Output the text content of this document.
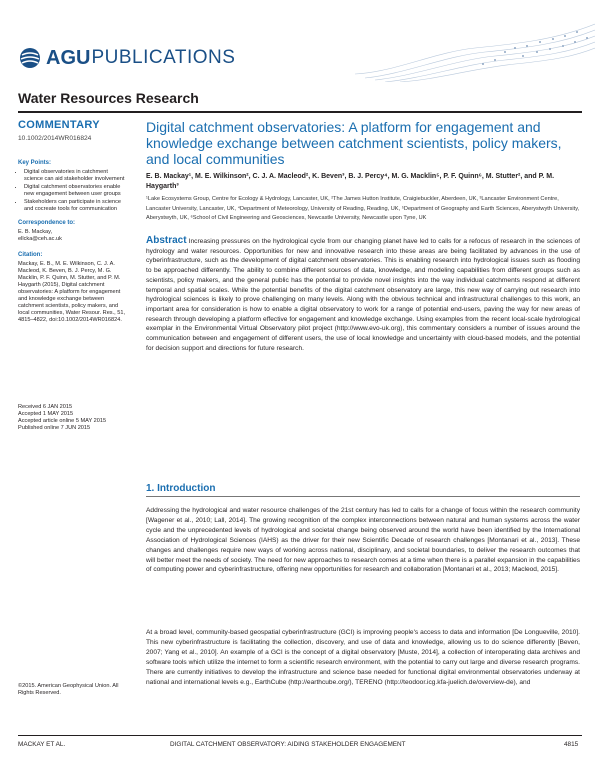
AGU PUBLICATIONS
Water Resources Research
COMMENTARY
10.1002/2014WR016824
Key Points:
• Digital observatories in catchment science can aid stakeholder involvement
• Digital catchment observatories enable new engagement between user groups
• Stakeholders can participate in science and cocreate tools for communication
Correspondence to:
E. B. Mackay,
ellcka@ceh.ac.uk
Citation:
Mackay, E. B., M. E. Wilkinson, C. J. A. Macleod, K. Beven, B. J. Percy, M. G. Macklin, P. F. Quinn, M. Stutter, and P. M. Haygarth (2015), Digital catchment observatories: A platform for engagement and knowledge exchange between catchment scientists, policy makers, and local communities, Water Resour. Res., 51, 4815–4822, doi:10.1002/2014WR016824.
Received 6 JAN 2015
Accepted 1 MAY 2015
Accepted article online 5 MAY 2015
Published online 7 JUN 2015
©2015. American Geophysical Union. All Rights Reserved.
Digital catchment observatories: A platform for engagement and knowledge exchange between catchment scientists, policy makers, and local communities
E. B. Mackay¹, M. E. Wilkinson², C. J. A. Macleod², K. Beven³, B. J. Percy⁴, M. G. Macklin⁵, P. F. Quinn⁶, M. Stutter², and P. M. Haygarth³
¹Lake Ecosystems Group, Centre for Ecology & Hydrology, Lancaster, UK, ²The James Hutton Institute, Craigiebuckler, Aberdeen, UK, ³Lancaster Environment Centre, Lancaster University, Lancaster, UK, ⁴Department of Meteorology, University of Reading, Reading, UK, ⁵Department of Geography and Earth Sciences, Aberystwyth University, Aberystwyth, UK, ⁶School of Civil Engineering and Geosciences, Newcastle University, Newcastle upon Tyne, UK
Abstract Increasing pressures on the hydrological cycle from our changing planet have led to calls for a refocus of research in the sciences of hydrology and water resources. Opportunities for new and innovative research into these areas are being facilitated by advances in the use of cyberinfrastructure, such as the development of digital catchment observatories. This is enabling research into hydrological issues such as flooding to be approached differently. The ability to combine different sources of data, knowledge, and modeling capabilities from different groups such as scientists, policy makers, and the general public has the potential to provide novel insights into the way individual catchments respond at different temporal and spatial scales. While the potential benefits of the digital catchment observatory are large, this new way of carrying out research into hydrological sciences is likely to prove challenging on many levels. Along with the obvious technical and infrastructural challenges to this work, an important area for consideration is how to enable a digital observatory to work for a range of potential end-users, paving the way for new areas of research through developing a platform effective for engagement and knowledge exchange. Using examples from the recent local-scale hydrological exemplar in the Environmental Virtual Observatory pilot project (http://www.evo-uk.org), this commentary considers a number of issues around the communication between and engagement of different users, the use of local knowledge and uncertainty with cloud-based models, and the potential for decision support and directions for future research.
1. Introduction
Addressing the hydrological and water resource challenges of the 21st century has led to calls for a change of focus within the research community [Wagener et al., 2010; Lall, 2014]. The growing recognition of the complex interconnections between natural and human systems across the water cycle and the unprecedented levels of hydrological and societal change being observed around the world have been identified by the International Association of Hydrological Sciences (IAHS) as the driver for their new Scientific Decade of research challenges [Montanari et al., 2013]. These changes and challenges require new ways of working across national, disciplinary, and societal boundaries, to deliver the research outcomes that will better meet the needs of society. The need for new approaches to research comes at a time when there is a parallel expansion in the capabilities of computing power and cyberinfrastructure, offering new opportunities for research and collaboration [Montanari et al., 2013; Macleod, 2015].
At a broad level, community-based geospatial cyberinfrastructure (GCI) is improving people's access to data and information [De Longueville, 2010]. This new cyberinfrastructure is facilitating the collection, discovery, and use of data and knowledge, allowing us to do science differently [Beven, 2007; Yang et al., 2010]. An example of a GCI is the concept of a digital observatory [Muste, 2014], a collection of interoperating data archives and software tools which utilize the internet to form a scientific research environment, with the potential to carry out large and diverse research programs. There are currently initiatives to develop the infrastructure and science base needed for functional digital environmental observatories underway at national and international levels e.g., EarthCube (http://earthcube.org/), TERENO (http://teodoor.icg.kfa-juelich.de/overview-de), and
MACKAY ET AL.	DIGITAL CATCHMENT OBSERVATORY: AIDING STAKEHOLDER ENGAGEMENT	4815
